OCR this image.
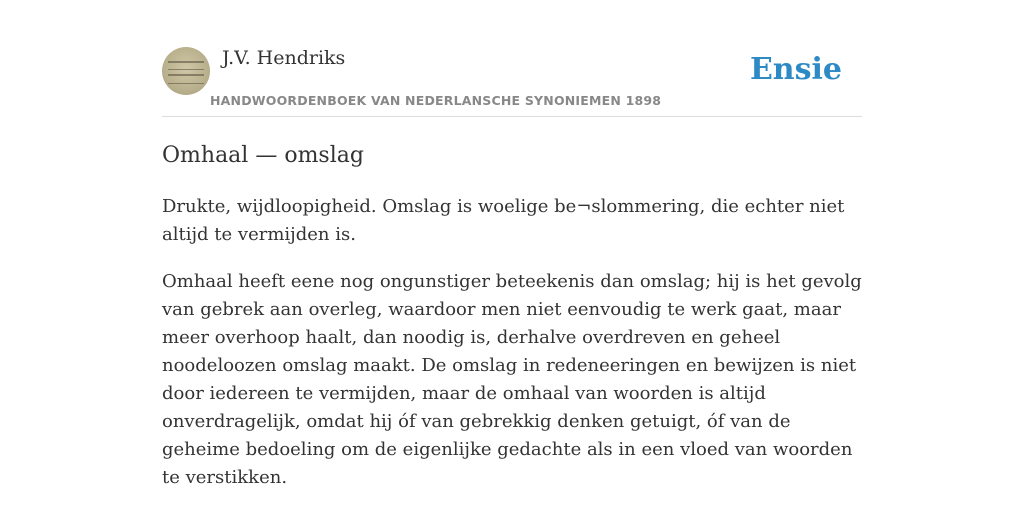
J.V. Hendriks
HANDWOORDENBOEK VAN NEDERLANSCHE SYNONIEMEN 1898
Ensie
Omhaal — omslag

Drukte, wijdloopigheid. Omslag is woelige be¬slommering, die echter niet altijd te vermijden is.

Omhaal heeft eene nog ongunstiger beteekenis dan omslag; hij is het gevolg van gebrek aan overleg, waardoor men niet eenvoudig te werk gaat, maar meer overhoop haalt, dan noodig is, derhalve overdreven en geheel noodeloozen omslag maakt. De omslag in redeneeringen en bewijzen is niet door iedereen te vermijden, maar de omhaal van woorden is altijd onverdragelijk, omdat hij óf van gebrekkig denken getuigt, óf van de geheime bedoeling om de eigenlijke gedachte als in een vloed van woorden te verstikken.
